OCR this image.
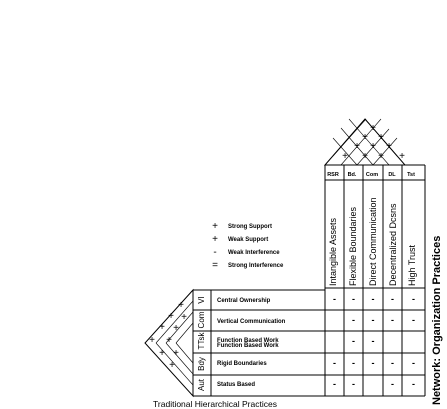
+ Strong Support
+ Weak Support
- Weak Interference
= Strong Interference
+
+ +
+ + +
+ + + +
+
+ +
+ +
+ +
+ +
+
RSR Bd. Com DL Tst
Intangible Assets Flexible Boundaries Direct Communication Decentralized Dcsns High Trust Network: Organization Practices
VI
Com
TTsk
Bdy
Aut
Central Ownership
Vertical Communication
Function Based Work
Function Based Work
Rigid Boundaries
Status Based
- - - - -
- - - -
- -
- - - - -
- -	- -
Traditional Hierarchical Practices
